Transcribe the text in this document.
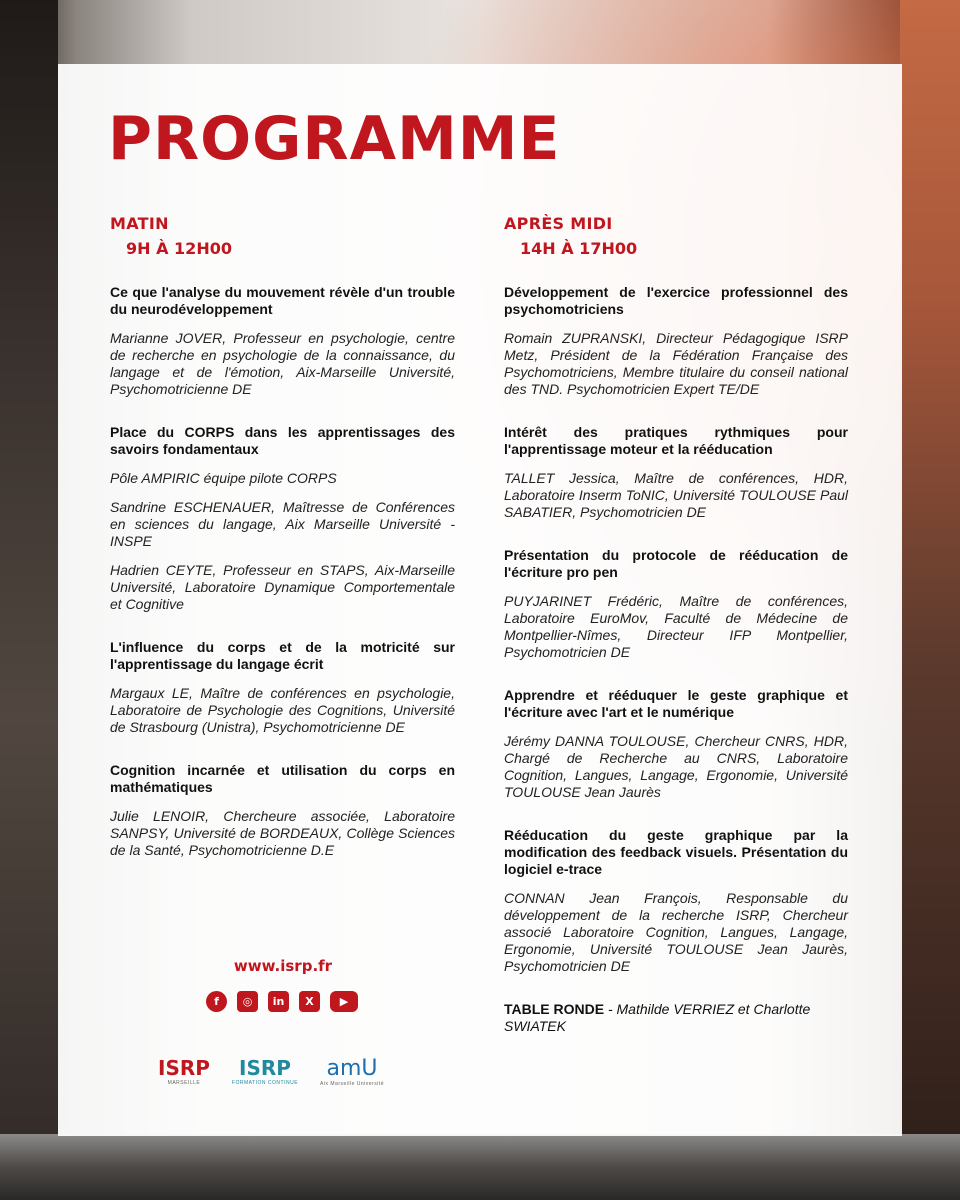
PROGRAMME
MATIN
9H À 12H00
Ce que l'analyse du mouvement révèle d'un trouble du neurodéveloppement
Marianne JOVER, Professeur en psychologie, centre de recherche en psychologie de la connaissance, du langage et de l'émotion, Aix-Marseille Université, Psychomotricienne DE
Place du CORPS dans les apprentissages des savoirs fondamentaux
Pôle AMPIRIC équipe pilote CORPS
Sandrine ESCHENAUER, Maîtresse de Conférences en sciences du langage, Aix Marseille Université - INSPE
Hadrien CEYTE, Professeur en STAPS, Aix-Marseille Université, Laboratoire Dynamique Comportementale et Cognitive
L'influence du corps et de la motricité sur l'apprentissage du langage écrit
Margaux LE, Maître de conférences en psychologie, Laboratoire de Psychologie des Cognitions, Université de Strasbourg (Unistra), Psychomotricienne DE
Cognition incarnée et utilisation du corps en mathématiques
Julie LENOIR, Chercheure associée, Laboratoire SANPSY, Université de BORDEAUX, Collège Sciences de la Santé, Psychomotricienne D.E
APRÈS MIDI
14H À 17H00
Développement de l'exercice professionnel des psychomotriciens
Romain ZUPRANSKI, Directeur Pédagogique ISRP Metz, Président de la Fédération Française des Psychomotriciens, Membre titulaire du conseil national des TND. Psychomotricien Expert TE/DE
Intérêt des pratiques rythmiques pour l'apprentissage moteur et la rééducation
TALLET Jessica, Maître de conférences, HDR, Laboratoire Inserm ToNIC, Université TOULOUSE Paul SABATIER, Psychomotricien DE
Présentation du protocole de rééducation de l'écriture pro pen
PUYJARINET Frédéric, Maître de conférences, Laboratoire EuroMov, Faculté de Médecine de Montpellier-Nîmes, Directeur IFP Montpellier, Psychomotricien DE
Apprendre et rééduquer le geste graphique et l'écriture avec l'art et le numérique
Jérémy DANNA TOULOUSE, Chercheur CNRS, HDR, Chargé de Recherche au CNRS, Laboratoire Cognition, Langues, Langage, Ergonomie, Université TOULOUSE Jean Jaurès
Rééducation du geste graphique par la modification des feedback visuels. Présentation du logiciel e-trace
CONNAN Jean François, Responsable du développement de la recherche ISRP, Chercheur associé Laboratoire Cognition, Langues, Langage, Ergonomie, Université TOULOUSE Jean Jaurès, Psychomotricien DE
TABLE RONDE - Mathilde VERRIEZ et Charlotte SWIATEK
www.isrp.fr
f	◎	in	X	▶
ISRP
MARSEILLE
ISRP
FORMATION CONTINUE
amU
Aix Marseille Université
